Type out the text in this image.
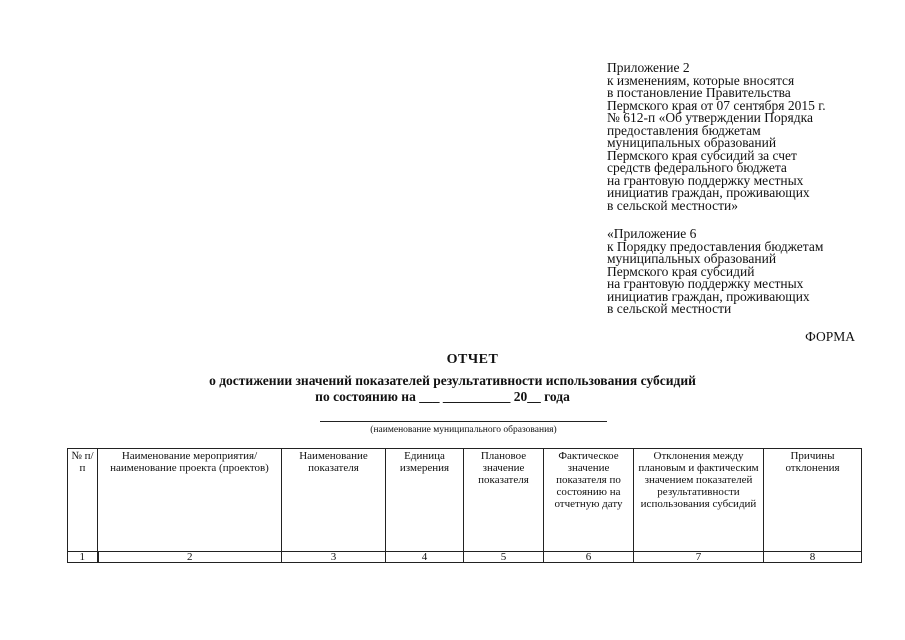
Приложение 2
к изменениям, которые вносятся
в постановление Правительства
Пермского края от 07 сентября 2015 г.
№ 612-п «Об утверждении Порядка
предоставления бюджетам
муниципальных образований
Пермского края субсидий за счет
средств федерального бюджета
на грантовую поддержку местных
инициатив граждан, проживающих
в сельской местности»
«Приложение 6
к Порядку предоставления бюджетам
муниципальных образований
Пермского края субсидий
на грантовую поддержку местных
инициатив граждан, проживающих
в сельской местности
ФОРМА
ОТЧЕТ
о достижении значений показателей результативности использования субсидий
по состоянию на ___ __________ 20__ года
(наименование муниципального образования)
№ п/п	Наименование мероприятия/наименование проекта (проектов)	Наименование показателя	Единица измерения	Плановое значение показателя	Фактическое значение показателя по состоянию на отчетную дату	Отклонения между плановым и фактическим значением показателей результативности использования субсидий	Причины отклонения
1	2	3	4	5	6	7	8
